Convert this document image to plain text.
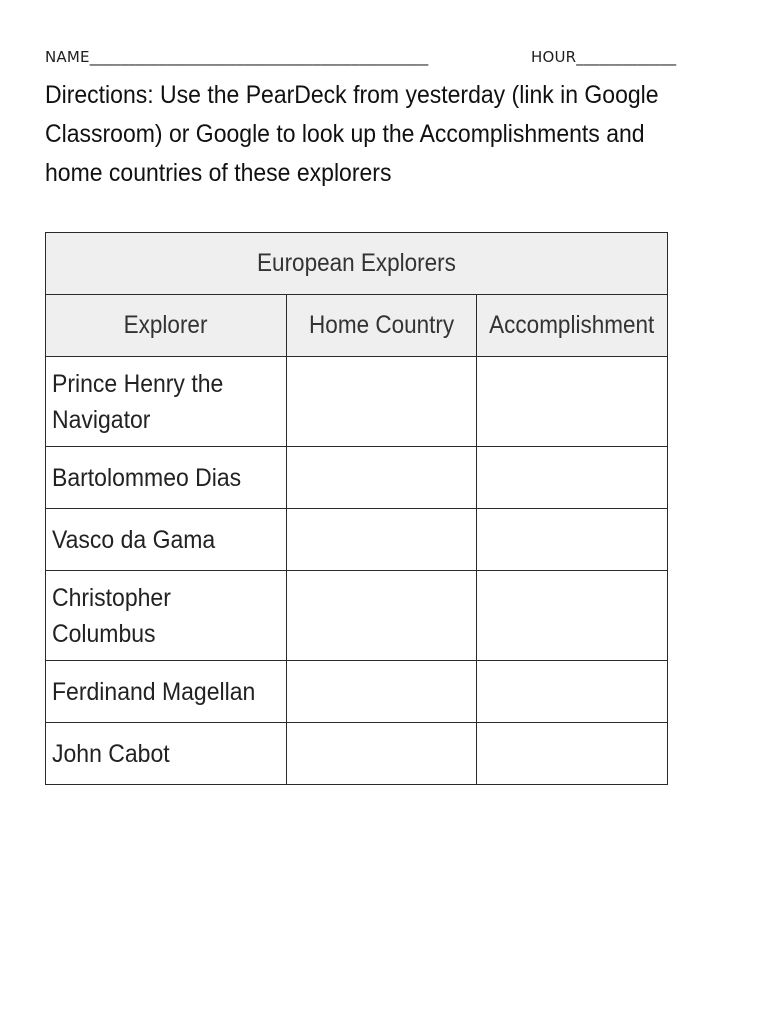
NAME____________________________________________	HOUR_____________
Directions: Use the PearDeck from yesterday (link in Google Classroom) or Google to look up the Accomplishments and home countries of these explorers
European Explorers		
Explorer	Home Country	Accomplishment
Prince Henry the Navigator		
Bartolommeo Dias		
Vasco da Gama		
Christopher Columbus		
Ferdinand Magellan		
John Cabot		
